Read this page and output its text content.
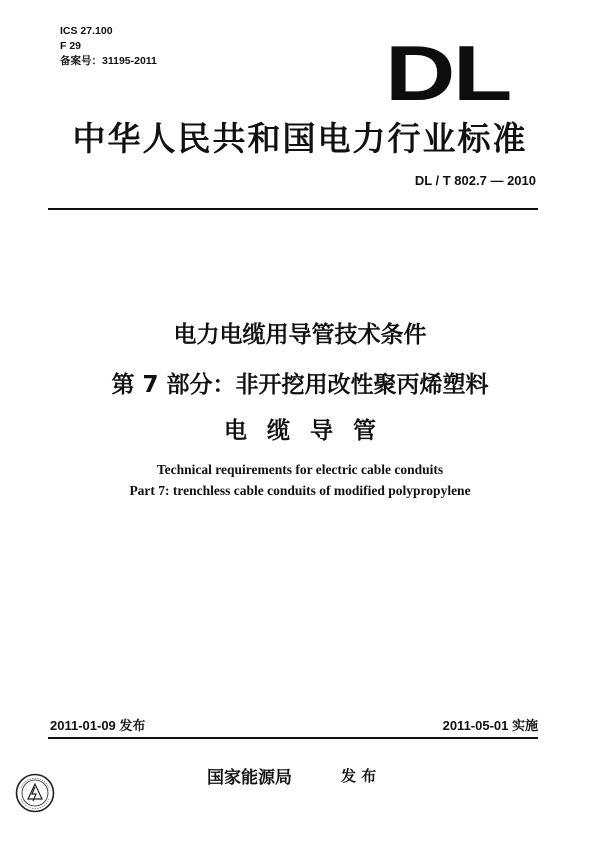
ICS 27.100
F 29
备案号：31195-2011	DL
中华人民共和国电力行业标准
DL / T 802.7 — 2010
电力电缆用导管技术条件
第 7 部分：非开挖用改性聚丙烯塑料
电缆导管
Technical requirements for electric cable conduits
Part 7: trenchless cable conduits of modified polypropylene
2011-01-09 发布	2011-05-01 实施
国家能源局	发 布
